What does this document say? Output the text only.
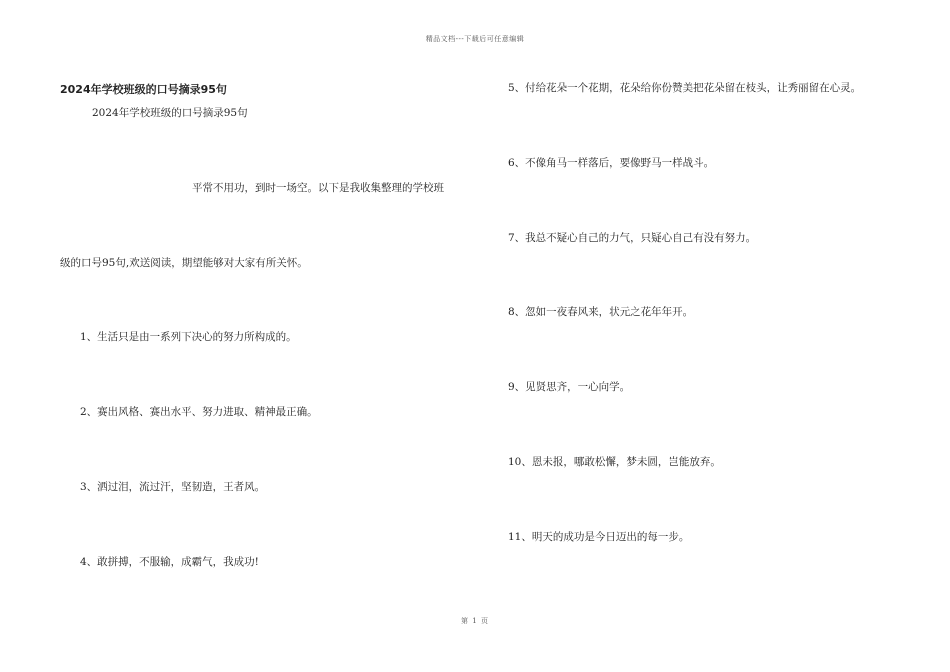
精品文档---下载后可任意编辑
2024年学校班级的口号摘录95句
2024年学校班级的口号摘录95句
平常不用功，到时一场空。以下是我收集整理的学校班
级的口号95句,欢送阅读，期望能够对大家有所关怀。
1、生活只是由一系列下决心的努力所构成的。
2、赛出风格、赛出水平、努力进取、精神最正确。
3、洒过泪，流过汗，坚韧造，王者风。
4、敢拼搏，不服输，成霸气，我成功!
5、付给花朵一个花期，花朵给你份赞美把花朵留在枝头，让秀丽留在心灵。
6、不像角马一样落后，要像野马一样战斗。
7、我总不疑心自己的力气，只疑心自己有没有努力。
8、忽如一夜春风来，状元之花年年开。
9、见贤思齐，一心向学。
10、恩未报，哪敢松懈，梦未圆，岂能放弃。
11、明天的成功是今日迈出的每一步。
第 1 页
